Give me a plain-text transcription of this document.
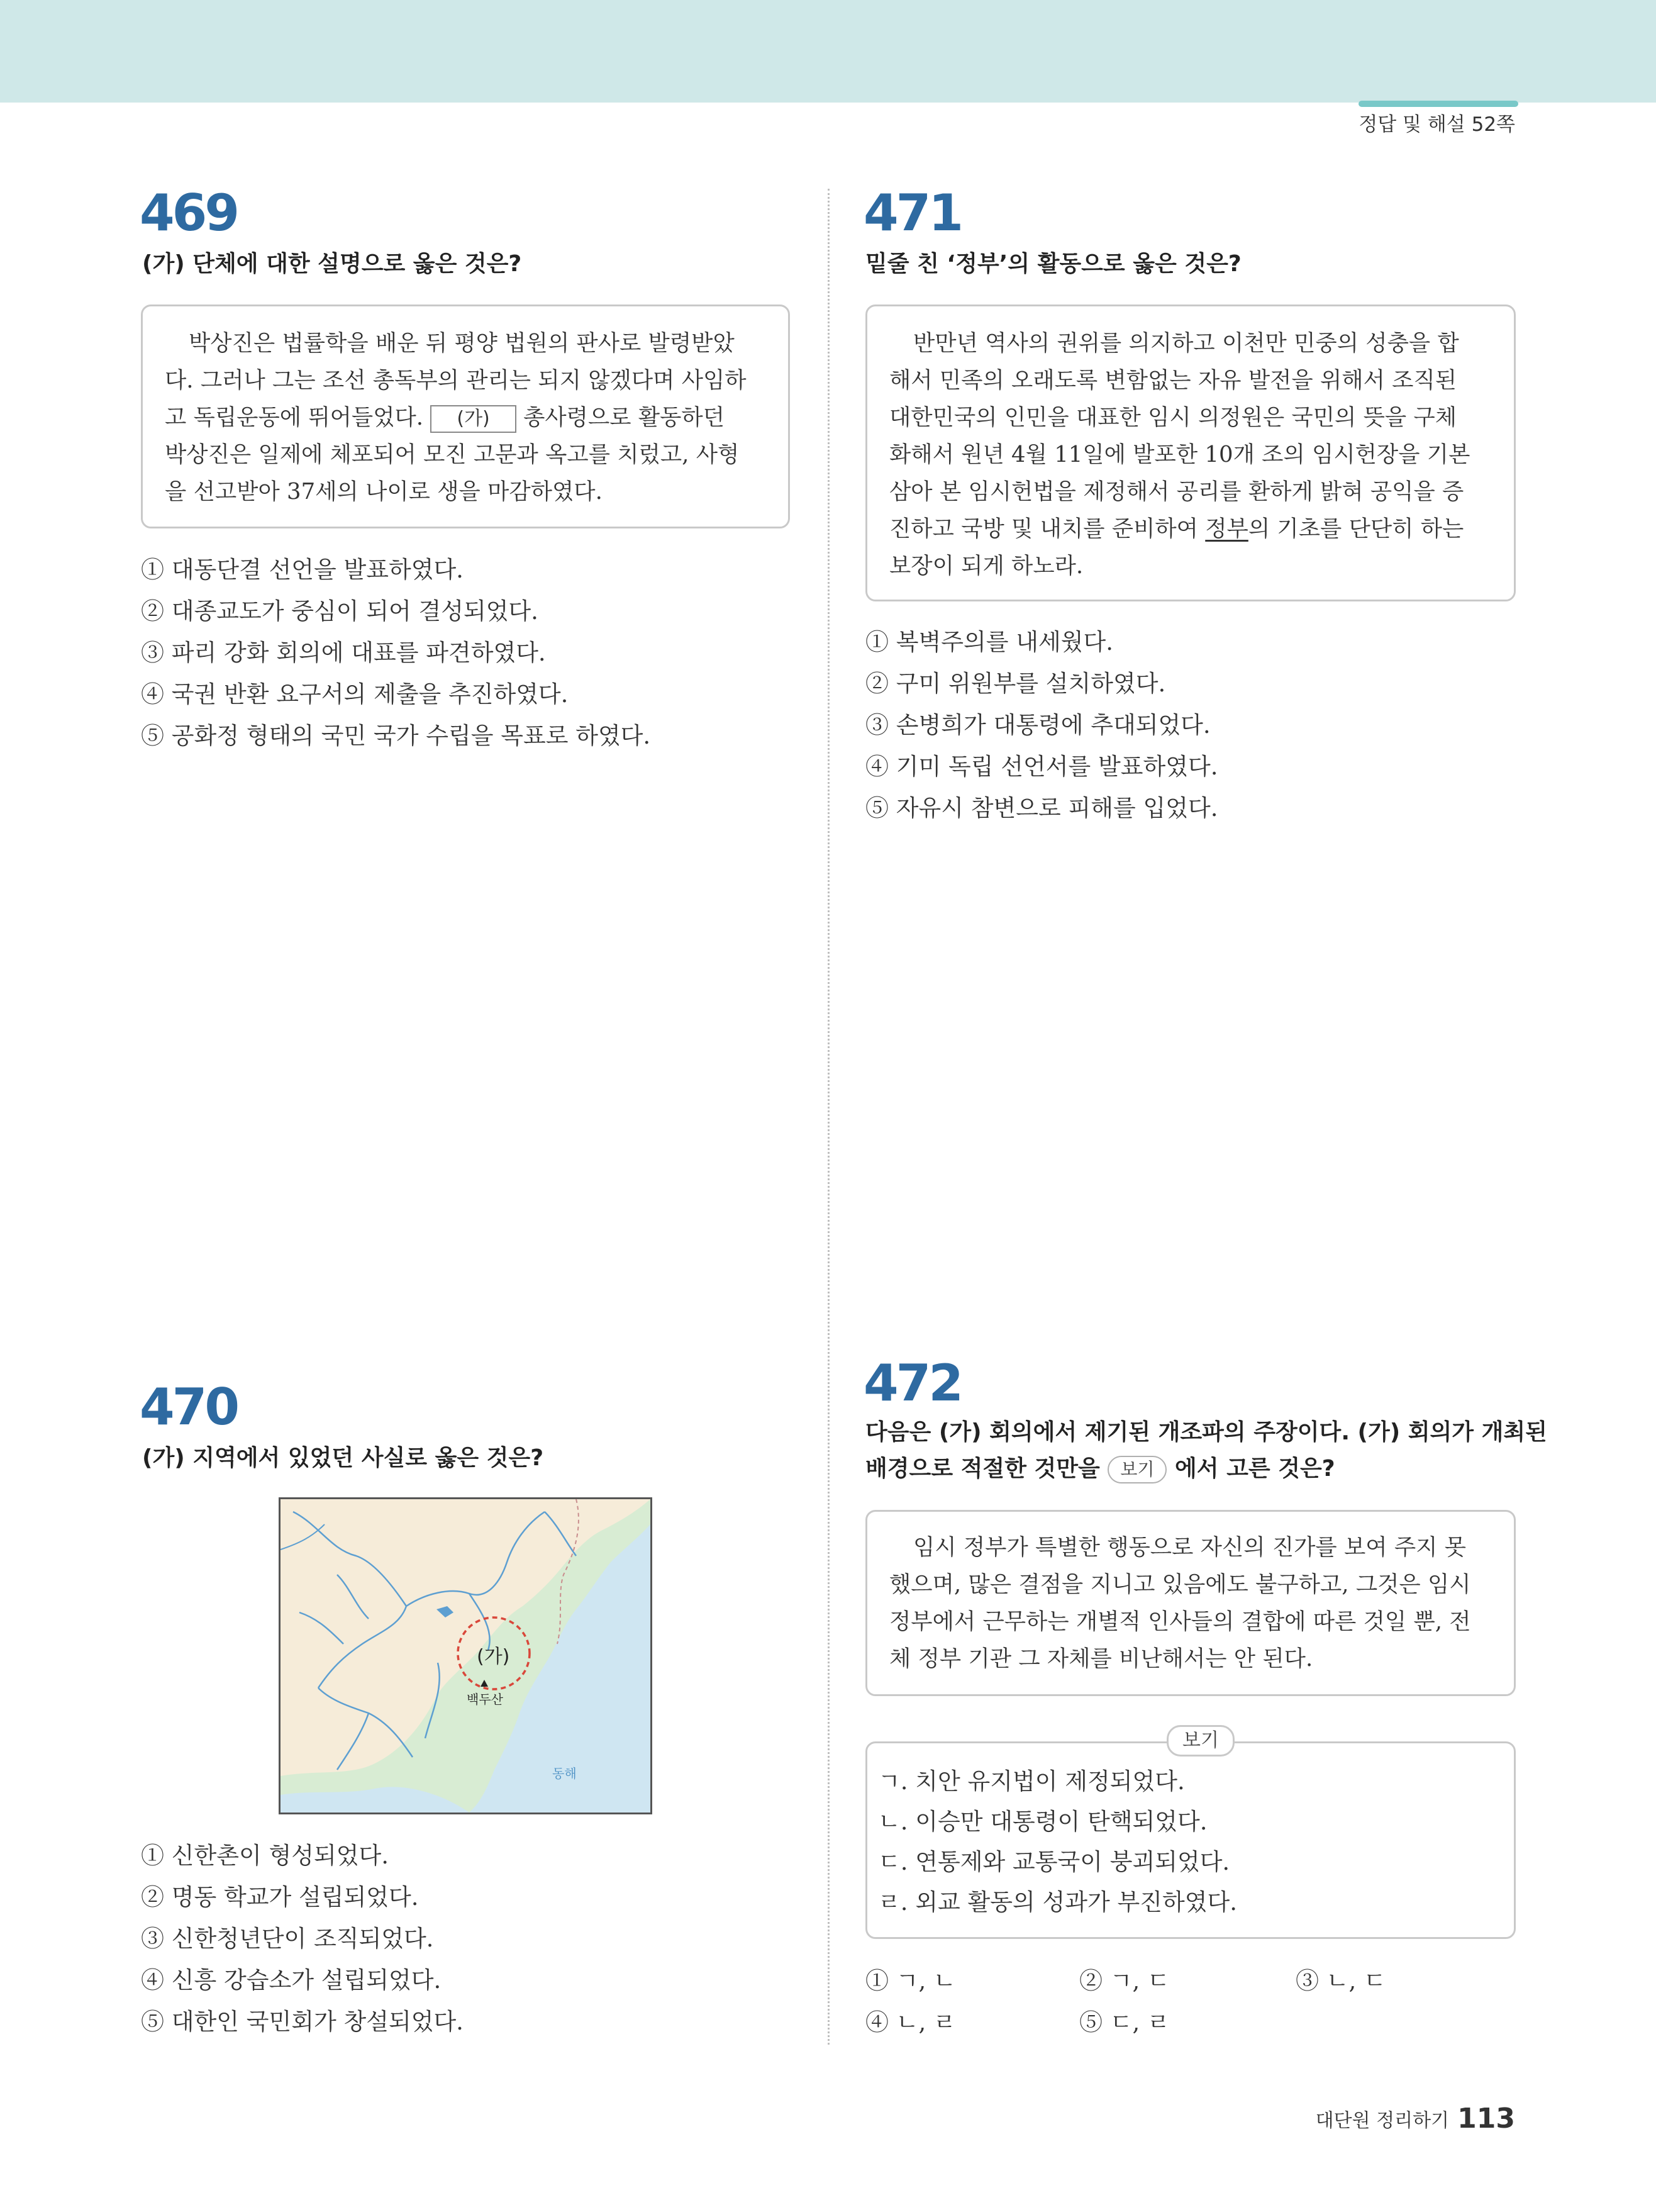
정답 및 해설 52쪽
469
(가) 단체에 대한 설명으로 옳은 것은?
박상진은 법률학을 배운 뒤 평양 법원의 판사로 발령받았
다. 그러나 그는 조선 총독부의 관리는 되지 않겠다며 사임하
고 독립운동에 뛰어들었다. (가) 총사령으로 활동하던
박상진은 일제에 체포되어 모진 고문과 옥고를 치렀고, 사형
을 선고받아 37세의 나이로 생을 마감하였다.
① 대동단결 선언을 발표하였다.
② 대종교도가 중심이 되어 결성되었다.
③ 파리 강화 회의에 대표를 파견하였다.
④ 국권 반환 요구서의 제출을 추진하였다.
⑤ 공화정 형태의 국민 국가 수립을 목표로 하였다.
470
(가) 지역에서 있었던 사실로 옳은 것은?
(가)
백두산
동해
① 신한촌이 형성되었다.
② 명동 학교가 설립되었다.
③ 신한청년단이 조직되었다.
④ 신흥 강습소가 설립되었다.
⑤ 대한인 국민회가 창설되었다.
471
밑줄 친 ‘정부’의 활동으로 옳은 것은?
반만년 역사의 권위를 의지하고 이천만 민중의 성충을 합
해서 민족의 오래도록 변함없는 자유 발전을 위해서 조직된
대한민국의 인민을 대표한 임시 의정원은 국민의 뜻을 구체
화해서 원년 4월 11일에 발포한 10개 조의 임시헌장을 기본
삼아 본 임시헌법을 제정해서 공리를 환하게 밝혀 공익을 증
진하고 국방 및 내치를 준비하여 정부의 기초를 단단히 하는
보장이 되게 하노라.
① 복벽주의를 내세웠다.
② 구미 위원부를 설치하였다.
③ 손병희가 대통령에 추대되었다.
④ 기미 독립 선언서를 발표하였다.
⑤ 자유시 참변으로 피해를 입었다.
472
다음은 (가) 회의에서 제기된 개조파의 주장이다. (가) 회의가 개최된
배경으로 적절한 것만을 보기 에서 고른 것은?
임시 정부가 특별한 행동으로 자신의 진가를 보여 주지 못
했으며, 많은 결점을 지니고 있음에도 불구하고, 그것은 임시
정부에서 근무하는 개별적 인사들의 결합에 따른 것일 뿐, 전
체 정부 기관 그 자체를 비난해서는 안 된다.
보기
ㄱ. 치안 유지법이 제정되었다.
ㄴ. 이승만 대통령이 탄핵되었다.
ㄷ. 연통제와 교통국이 붕괴되었다.
ㄹ. 외교 활동의 성과가 부진하였다.
① ㄱ, ㄴ	② ㄱ, ㄷ	③ ㄴ, ㄷ
④ ㄴ, ㄹ	⑤ ㄷ, ㄹ
대단원 정리하기 113
